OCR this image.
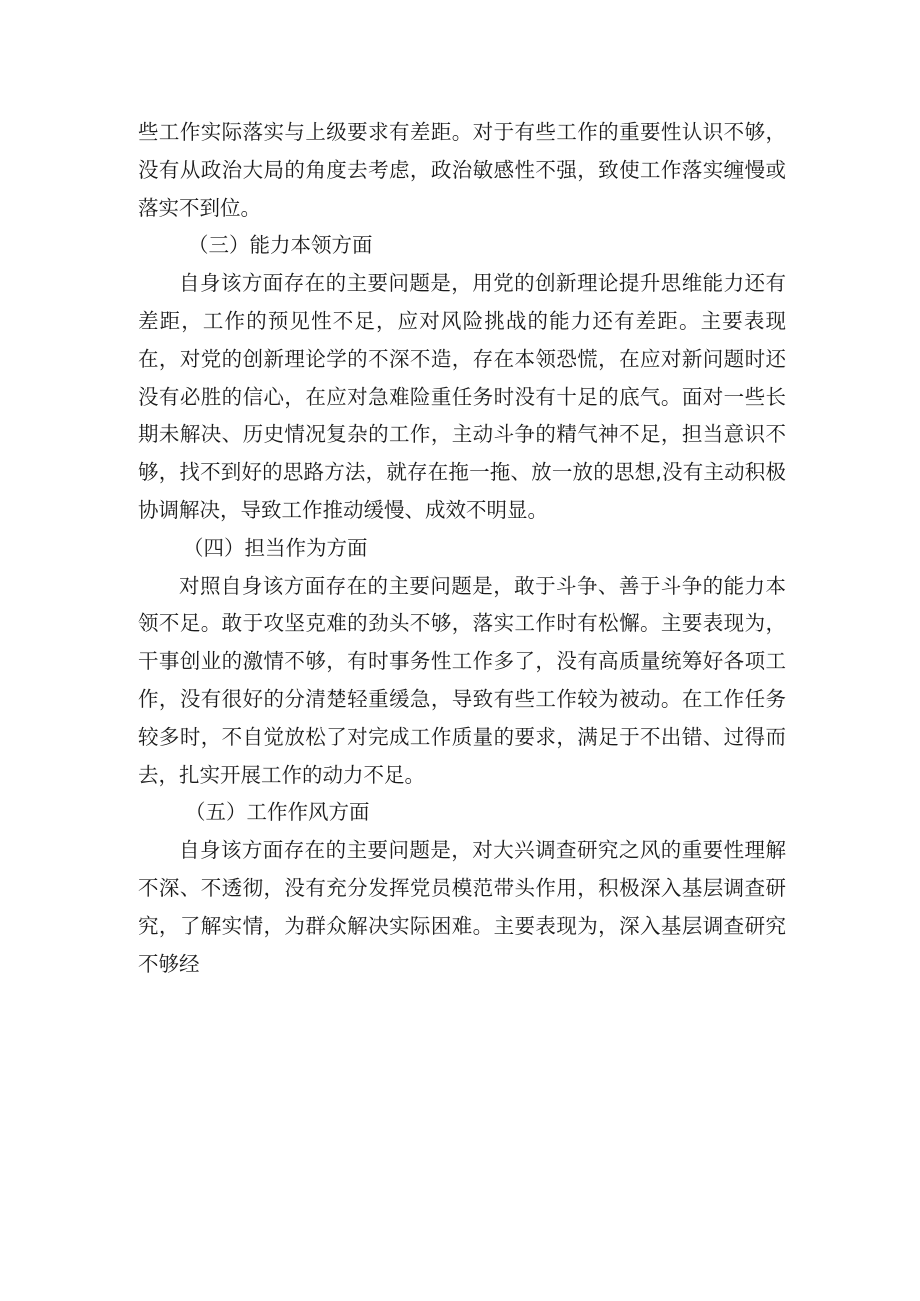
些工作实际落实与上级要求有差距。对于有些工作的重要性认识不够，没有从政治大局的角度去考虑，政治敏感性不强，致使工作落实缠慢或落实不到位。

（三）能力本领方面

自身该方面存在的主要问题是，用党的创新理论提升思维能力还有差距，工作的预见性不足，应对风险挑战的能力还有差距。主要表现在，对党的创新理论学的不深不造，存在本领恐慌，在应对新问题时还没有必胜的信心，在应对急难险重任务时没有十足的底气。面对一些长期未解决、历史情况复杂的工作，主动斗争的精气神不足，担当意识不够，找不到好的思路方法，就存在拖一拖、放一放的思想,没有主动积极协调解决，导致工作推动缓慢、成效不明显。

（四）担当作为方面

对照自身该方面存在的主要问题是，敢于斗争、善于斗争的能力本领不足。敢于攻坚克难的劲头不够，落实工作时有松懈。主要表现为，干事创业的激情不够，有时事务性工作多了，没有高质量统筹好各项工作，没有很好的分清楚轻重缓急，导致有些工作较为被动。在工作任务较多时，不自觉放松了对完成工作质量的要求，满足于不出错、过得而去，扎实开展工作的动力不足。

（五）工作作风方面

自身该方面存在的主要问题是，对大兴调查研究之风的重要性理解不深、不透彻，没有充分发挥党员模范带头作用，积极深入基层调查研究，了解实情，为群众解决实际困难。主要表现为，深入基层调查研究不够经
